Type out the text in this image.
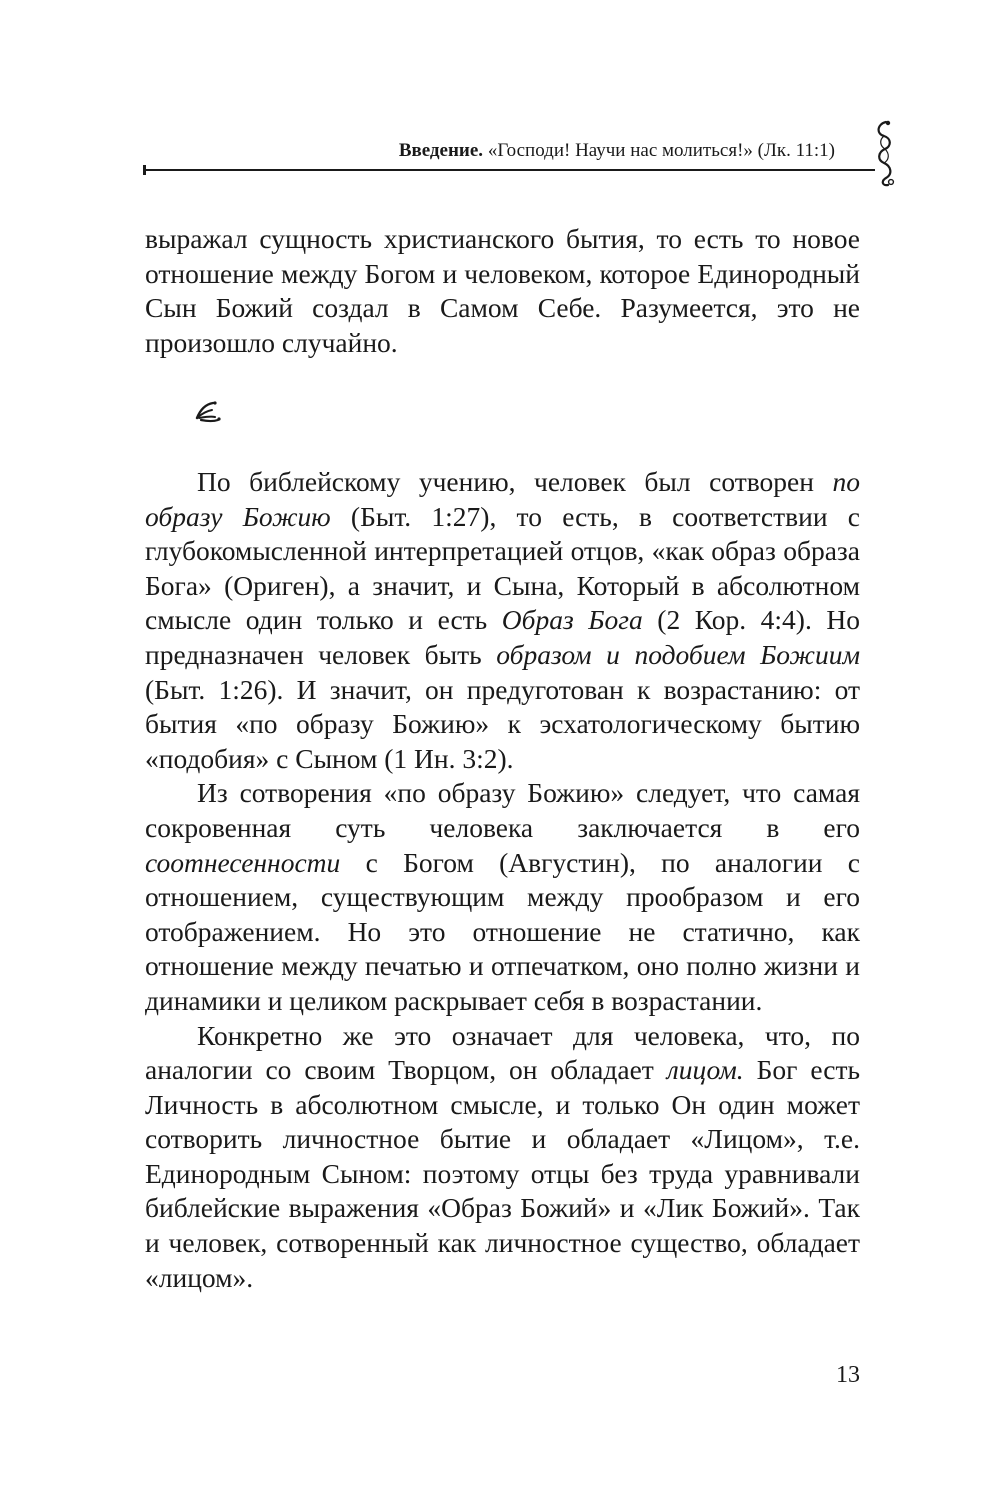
Введение. «Господи! Научи нас молиться!» (Лк. 11:1)

выражал сущность христианского бытия, то есть то новое отношение между Богом и человеком, которое Единородный Сын Божий создал в Самом Себе. Разумеется, это не произошло случайно.

По библейскому учению, человек был сотворен по образу Божию (Быт. 1:27), то есть, в соответствии с глубокомысленной интерпретацией отцов, «как образ образа Бога» (Ориген), а значит, и Сына, Который в абсолютном смысле один только и есть Образ Бога (2 Кор. 4:4). Но предназначен человек быть образом и подобием Божиим (Быт. 1:26). И значит, он предуготован к возрастанию: от бытия «по образу Божию» к эсхатологическому бытию «подобия» с Сыном (1 Ин. 3:2).

Из сотворения «по образу Божию» следует, что самая сокровенная суть человека заключается в его соотнесенности с Богом (Августин), по аналогии с отношением, существующим между прообразом и его отображением. Но это отношение не статично, как отношение между печатью и отпечатком, оно полно жизни и динамики и целиком раскрывает себя в возрастании.

Конкретно же это означает для человека, что, по аналогии со своим Творцом, он обладает лицом. Бог есть Личность в абсолютном смысле, и только Он один может сотворить личностное бытие и обладает «Лицом», т.е. Единородным Сыном: поэтому отцы без труда уравнивали библейские выражения «Образ Божий» и «Лик Божий». Так и человек, сотворенный как личностное существо, обладает «лицом».

13
